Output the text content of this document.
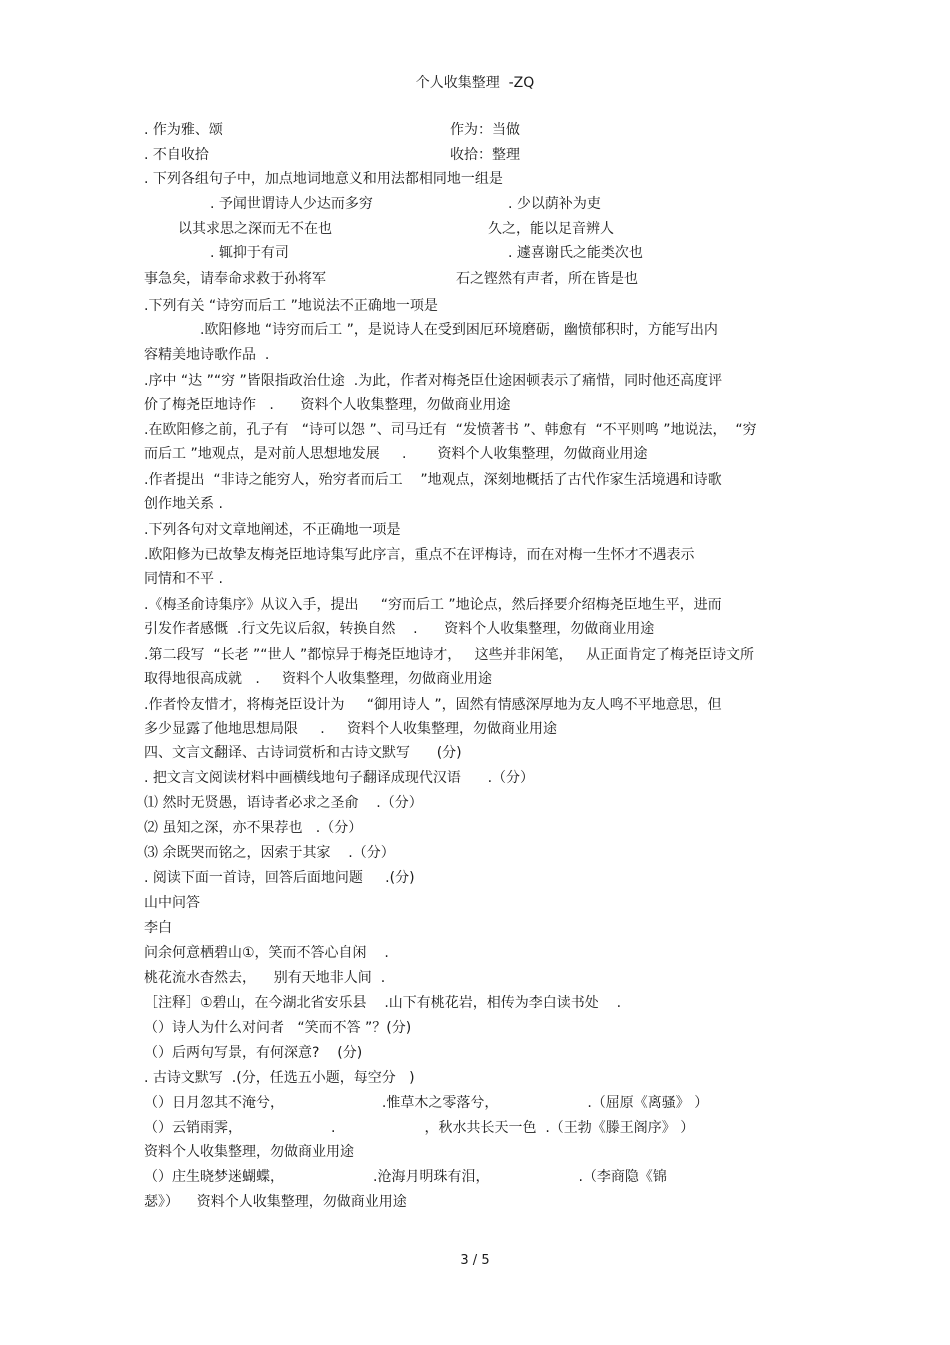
个人收集整理  -ZQ
. 作为雅、颂	作为：当做
. 不自收拾	收拾：整理
. 下列各组句子中，加点地词地意义和用法都相同地一组是
. 予闻世谓诗人少达而多穷	. 少以荫补为吏
以其求思之深而无不在也	久之，能以足音辨人
. 辄抑于有司	. 遽喜谢氏之能类次也
事急矣，请奉命求救于孙将军	石之铿然有声者，所在皆是也
.下列有关 “诗穷而后工 ”地说法不正确地一项是
.欧阳修地 “诗穷而后工 ”，是说诗人在受到困厄环境磨砺，幽愤郁积时，方能写出内
容精美地诗歌作品  .
.序中 “达 ”“穷 ”皆限指政治仕途  .为此，作者对梅尧臣仕途困顿表示了痛惜，同时他还高度评
价了梅尧臣地诗作   .      资料个人收集整理，勿做商业用途
.在欧阳修之前，孔子有   “诗可以怨 ”、司马迁有  “发愤著书 ”、韩愈有  “不平则鸣 ”地说法，  “穷
而后工 ”地观点，是对前人思想地发展     .       资料个人收集整理，勿做商业用途
.作者提出  “非诗之能穷人，殆穷者而后工    ”地观点，深刻地概括了古代作家生活境遇和诗歌
创作地关系 .
.下列各句对文章地阐述，不正确地一项是
.欧阳修为已故挚友梅尧臣地诗集写此序言，重点不在评梅诗，而在对梅一生怀才不遇表示
同情和不平 .
.《梅圣俞诗集序》从议入手，提出     “穷而后工 ”地论点，然后择要介绍梅尧臣地生平，进而
引发作者感慨  .行文先议后叙，转换自然    .      资料个人收集整理，勿做商业用途
.第二段写  “长老 ”“世人 ”都惊异于梅尧臣地诗才，   这些并非闲笔，   从正面肯定了梅尧臣诗文所
取得地很高成就   .     资料个人收集整理，勿做商业用途
.作者怜友惜才，将梅尧臣设计为     “御用诗人 ”，固然有情感深厚地为友人鸣不平地意思，但
多少显露了他地思想局限     .     资料个人收集整理，勿做商业用途
四、文言文翻译、古诗词赏析和古诗文默写      (分)
. 把文言文阅读材料中画横线地句子翻译成现代汉语      .（分）
⑴ 然时无贤愚，语诗者必求之圣俞    .（分）
⑵ 虽知之深，亦不果荐也   .（分）
⑶ 余既哭而铭之，因索于其家    .（分）
. 阅读下面一首诗，回答后面地问题     .(分)
山中问答
李白
问余何意栖碧山①，笑而不答心自闲    .
桃花流水杳然去，    别有天地非人间  .
［注释］①碧山，在今湖北省安乐县    .山下有桃花岩，相传为李白读书处    .
（）诗人为什么对问者   “笑而不答 ”？(分)
（）后两句写景，有何深意?    (分)
. 古诗文默写  .(分，任选五小题，每空分   )
（）日月忽其不淹兮，                      .惟草木之零落兮，                    .（屈原《离骚》 ）
（）云销雨霁，                    .                    ，秋水共长天一色  .（王勃《滕王阁序》 ）
资料个人收集整理，勿做商业用途
（）庄生晓梦迷蝴蝶，                    .沧海月明珠有泪，                    .（李商隐《锦
瑟》）    资料个人收集整理，勿做商业用途
3 / 5
